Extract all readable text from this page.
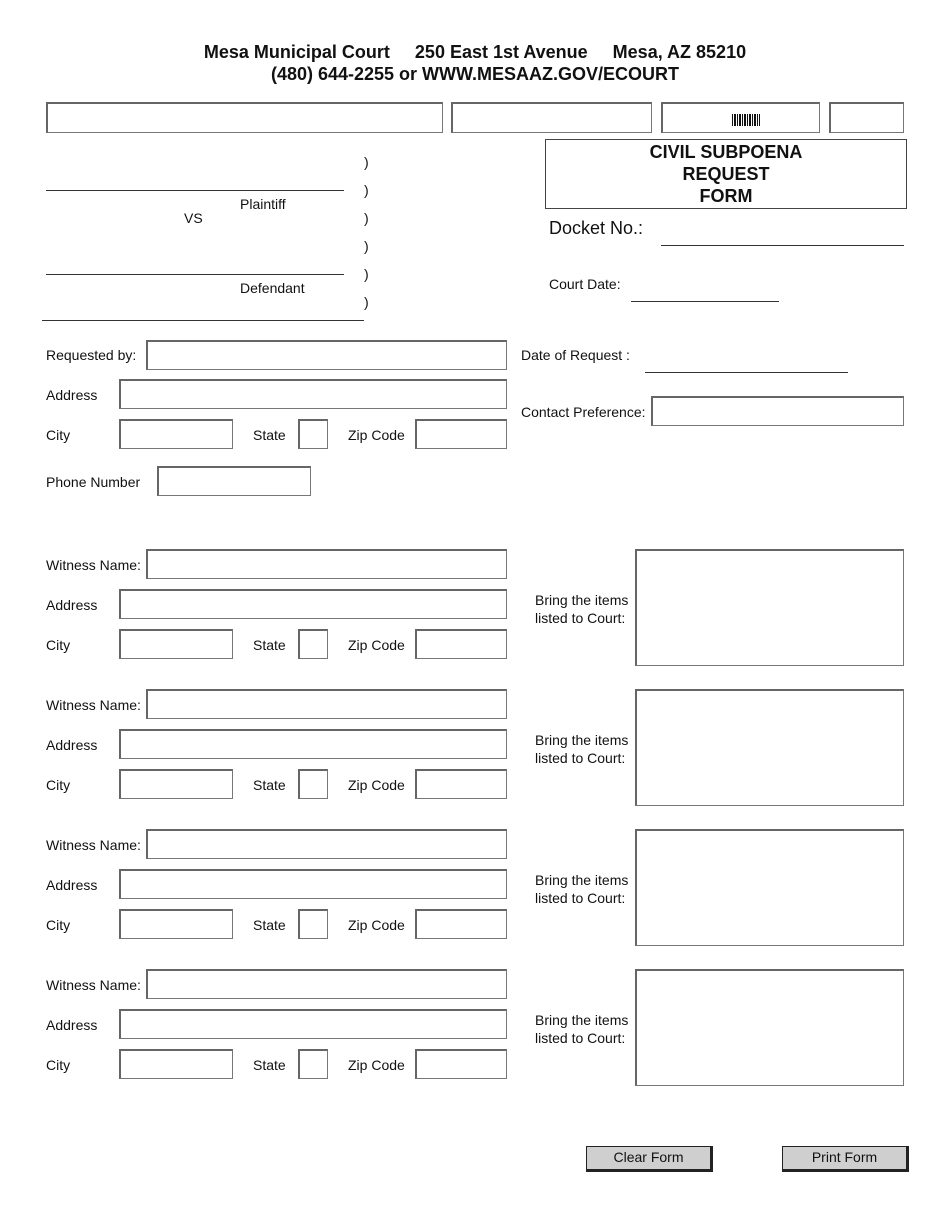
Mesa Municipal Court     250 East 1st Avenue     Mesa, AZ 85210
(480) 644-2255 or WWW.MESAAZ.GOV/ECOURT
Plaintiff
VS
Defendant
)
)
)
)
)
)
CIVIL SUBPOENA
REQUEST
FORM
Docket No.:
Court Date:
Requested by:
Address
City	State	Zip Code
Phone Number
Date of Request :
Contact Preference:
Witness Name:
Address
City	State	Zip Code
Bring the items
listed to Court:
Witness Name:
Address
City	State	Zip Code
Bring the items
listed to Court:
Witness Name:
Address
City	State	Zip Code
Bring the items
listed to Court:
Witness Name:
Address
City	State	Zip Code
Bring the items
listed to Court:
Clear Form	Print Form
